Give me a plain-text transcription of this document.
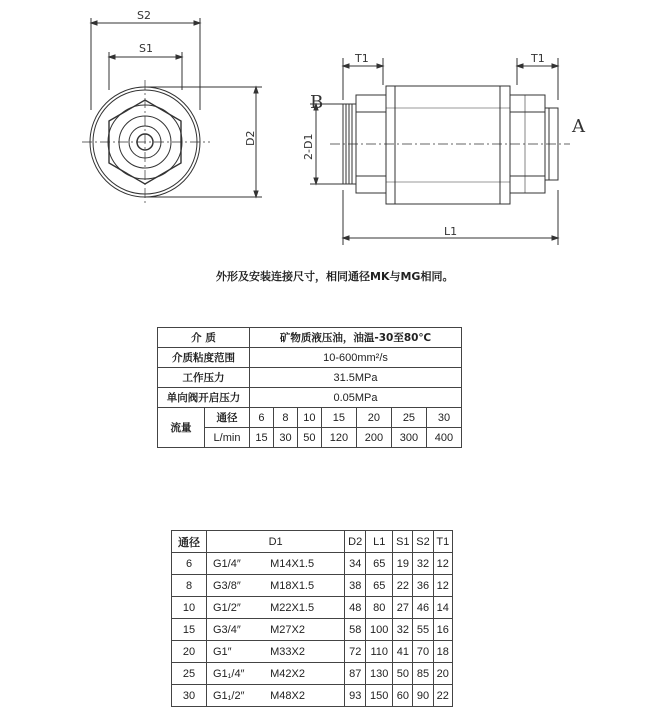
S2
S1
D2
T1	T1
2-D1
L1
B
A
外形及安装连接尺寸，相同通径MK与MG相同。
介 质		矿物质液压油，油温-30至80℃						
介质粘度范围		10-600mm²/s						
工作压力		31.5MPa						
单向阀开启压力		0.05MPa						
流量	通径	6	8	10	15	20	25	30
	L/min	15	30	50	120	200	300	400
通径	D1		D2	L1	S1	S2	T1
6	G1/4″	M14X1.5	34	65	19	32	12
8	G3/8″	M18X1.5	38	65	22	36	12
10	G1/2″	M22X1.5	48	80	27	46	14
15	G3/4″	M27X2	58	100	32	55	16
20	G1″	M33X2	72	110	41	70	18
25	G1₁/4″	M42X2	87	130	50	85	20
30	G1₁/2″	M48X2	93	150	60	90	22
